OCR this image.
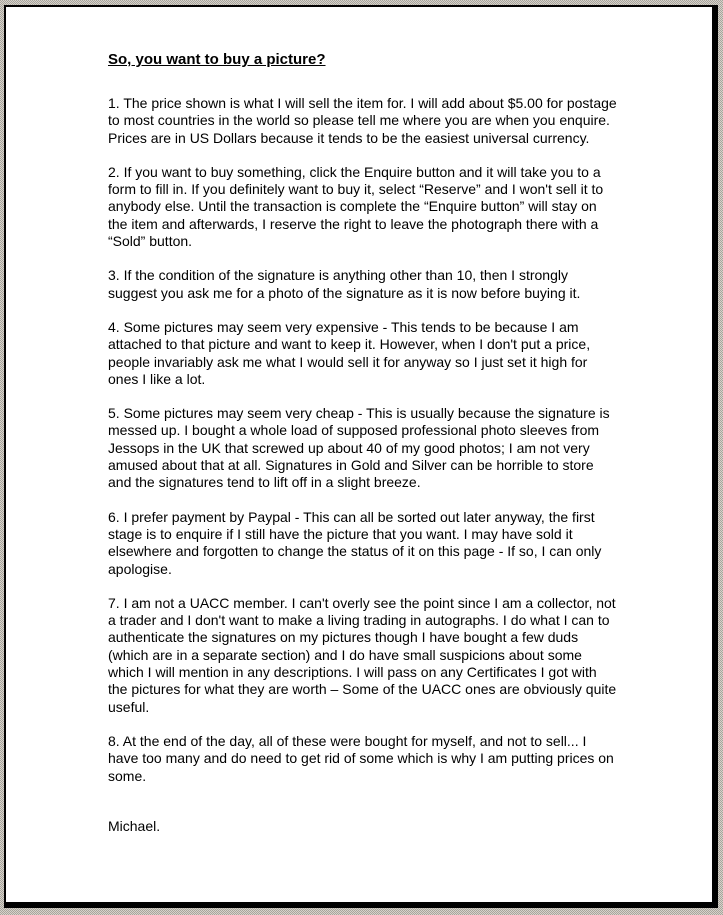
So, you want to buy a picture?

1. The price shown is what I will sell the item for. I will add about $5.00 for postage to most countries in the world so please tell me where you are when you enquire. Prices are in US Dollars because it tends to be the easiest universal currency.

2. If you want to buy something, click the Enquire button and it will take you to a form to fill in. If you definitely want to buy it, select “Reserve” and I won't sell it to anybody else. Until the transaction is complete the “Enquire button” will stay on the item and afterwards, I reserve the right to leave the photograph there with a “Sold” button.

3. If the condition of the signature is anything other than 10, then I strongly suggest you ask me for a photo of the signature as it is now before buying it.

4. Some pictures may seem very expensive - This tends to be because I am attached to that picture and want to keep it. However, when I don't put a price, people invariably ask me what I would sell it for anyway so I just set it high for ones I like a lot.

5. Some pictures may seem very cheap - This is usually because the signature is messed up. I bought a whole load of supposed professional photo sleeves from Jessops in the UK that screwed up about 40 of my good photos; I am not very amused about that at all. Signatures in Gold and Silver can be horrible to store and the signatures tend to lift off in a slight breeze.

6. I prefer payment by Paypal - This can all be sorted out later anyway, the first stage is to enquire if I still have the picture that you want. I may have sold it elsewhere and forgotten to change the status of it on this page - If so, I can only apologise.

7. I am not a UACC member. I can't overly see the point since I am a collector, not a trader and I don't want to make a living trading in autographs. I do what I can to authenticate the signatures on my pictures though I have bought a few duds (which are in a separate section) and I do have small suspicions about some which I will mention in any descriptions. I will pass on any Certificates I got with the pictures for what they are worth – Some of the UACC ones are obviously quite useful.

8. At the end of the day, all of these were bought for myself, and not to sell... I have too many and do need to get rid of some which is why I am putting prices on some.

Michael.
